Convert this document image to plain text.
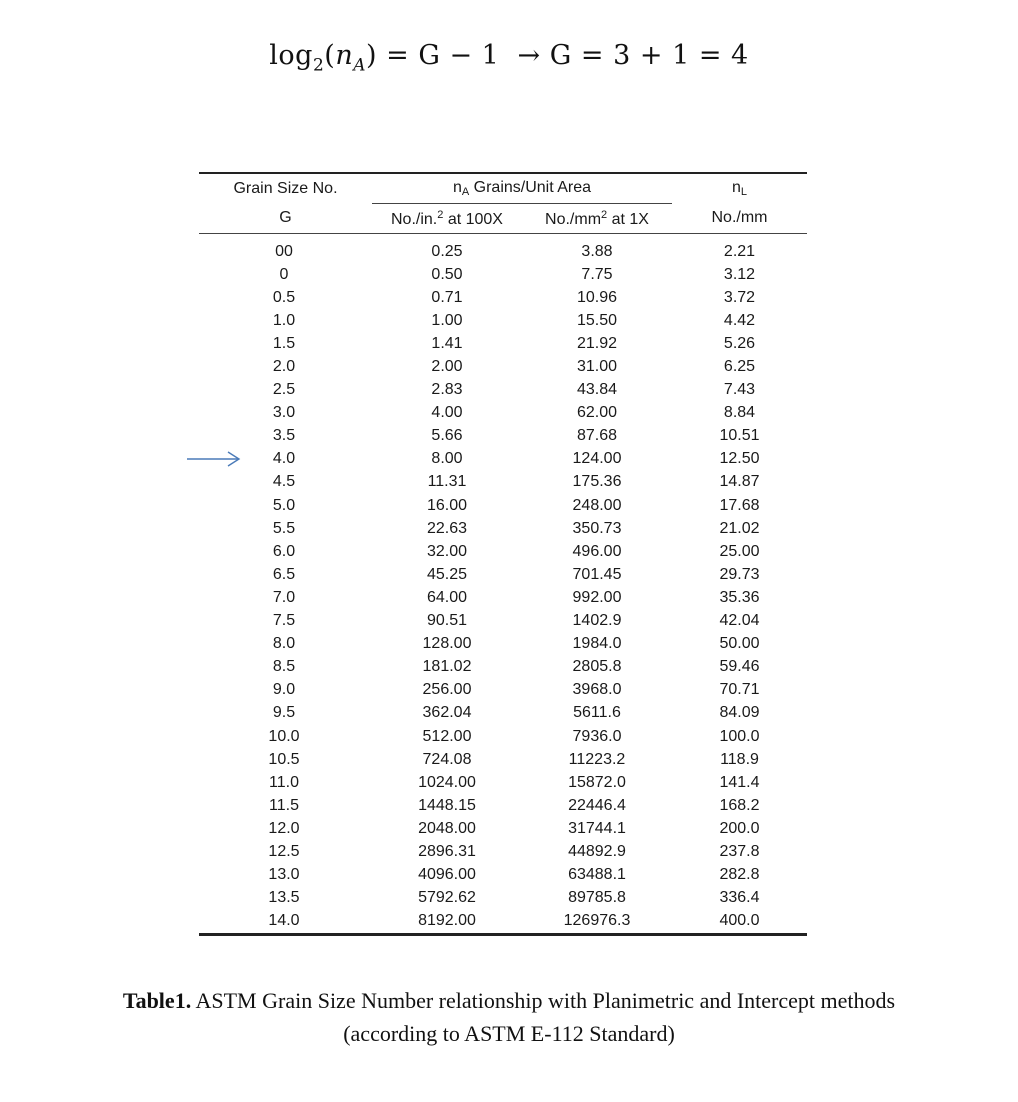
$\log_2(n_A) = G - 1 \to G = 3 + 1 = 4$
Grain Size No.	$n_A$ Grains/Unit Area		$n_L$
G	No./in.$^2$ at 100X	$No./mm^2$ at 1X	No./mm
00	0.25	3.88	2.21
0	0.50	7.75	3.12
0.5	0.71	10.96	3.72
1.0	1.00	15.50	4.42
1.5	1.41	21.92	5.26
2.0	2.00	31.00	6.25
2.5	2.83	43.84	7.43
3.0	4.00	62.00	8.84
3.5	5.66	87.68	10.51
4.0	8.00	124.00	12.50
4.5	11.31	175.36	14.87
5.0	16.00	248.00	17.68
5.5	22.63	350.73	21.02
6.0	32.00	496.00	25.00
6.5	45.25	701.45	29.73
7.0	64.00	992.00	35.36
7.5	90.51	1402.9	42.04
8.0	128.00	1984.0	50.00
8.5	181.02	2805.8	59.46
9.0	256.00	3968.0	70.71
9.5	362.04	5611.6	84.09
10.0	512.00	7936.0	100.0
10.5	724.08	11223.2	118.9
11.0	1024.00	15872.0	141.4
11.5	1448.15	22446.4	168.2
12.0	2048.00	31744.1	200.0
12.5	2896.31	44892.9	237.8
13.0	4096.00	63488.1	282.8
13.5	5792.62	89785.8	336.4
14.0	8192.00	126976.3	400.0
Table1. ASTM Grain Size Number relationship with Planimetric and Intercept methods
(according to ASTM E-112 Standard)
